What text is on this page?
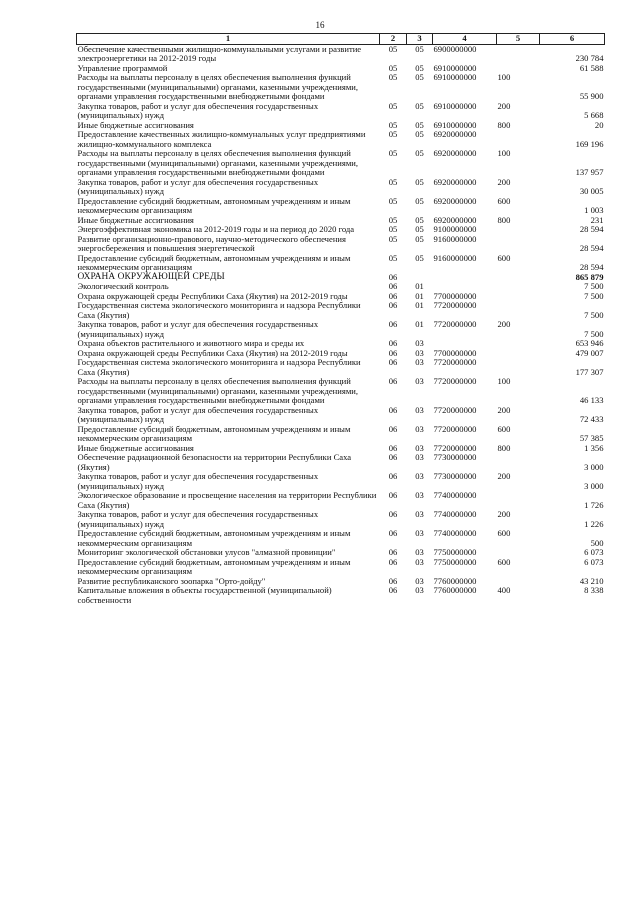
16
1	2	3	4	5	6
Обеспечение качественными жилищно-коммунальными услугами и развитие электроэнергетики на 2012-2019 годы	05	05	6900000000		230 784
Управление программой	05	05	6910000000		61 588
Расходы на выплаты персоналу в целях обеспечения выполнения функций государственными (муниципальными) органами, казенными учреждениями, органами управления государственными внебюджетными фондами	05	05	6910000000	100	55 900
Закупка товаров, работ и услуг для обеспечения государственных (муниципальных) нужд	05	05	6910000000	200	5 668
Иные бюджетные ассигнования	05	05	6910000000	800	20
Предоставление качественных жилищно-коммунальных услуг предприятиями жилищно-коммунального комплекса	05	05	6920000000		169 196
Расходы на выплаты персоналу в целях обеспечения выполнения функций государственными (муниципальными) органами, казенными учреждениями, органами управления государственными внебюджетными фондами	05	05	6920000000	100	137 957
Закупка товаров, работ и услуг для обеспечения государственных (муниципальных) нужд	05	05	6920000000	200	30 005
Предоставление субсидий бюджетным, автономным учреждениям и иным некоммерческим организациям	05	05	6920000000	600	1 003
Иные бюджетные ассигнования	05	05	6920000000	800	231
Энергоэффективная экономика на 2012-2019 годы и на период до 2020 года	05	05	9100000000		28 594
Развитие организационно-правового, научно-методического обеспечения энергосбережения и повышения энергетической	05	05	9160000000		28 594
Предоставление субсидий бюджетным, автономным учреждениям и иным некоммерческим организациям	05	05	9160000000	600	28 594
ОХРАНА ОКРУЖАЮЩЕЙ СРЕДЫ	06				865 879
Экологический контроль	06	01			7 500
Охрана окружающей среды Республики Саха (Якутия) на 2012-2019 годы	06	01	7700000000		7 500
Государственная система экологического мониторинга и надзора Республики Саха (Якутия)	06	01	7720000000		7 500
Закупка товаров, работ и услуг для обеспечения государственных (муниципальных) нужд	06	01	7720000000	200	7 500
Охрана объектов растительного и животного мира и среды их	06	03			653 946
Охрана окружающей среды Республики Саха (Якутия) на 2012-2019 годы	06	03	7700000000		479 007
Государственная система экологического мониторинга и надзора Республики Саха (Якутия)	06	03	7720000000		177 307
Расходы на выплаты персоналу в целях обеспечения выполнения функций государственными (муниципальными) органами, казенными учреждениями, органами управления государственными внебюджетными фондами	06	03	7720000000	100	46 133
Закупка товаров, работ и услуг для обеспечения государственных (муниципальных) нужд	06	03	7720000000	200	72 433
Предоставление субсидий бюджетным, автономным учреждениям и иным некоммерческим организациям	06	03	7720000000	600	57 385
Иные бюджетные ассигнования	06	03	7720000000	800	1 356
Обеспечение радиационной безопасности на территории Республики Саха (Якутия)	06	03	7730000000		3 000
Закупка товаров, работ и услуг для обеспечения государственных (муниципальных) нужд	06	03	7730000000	200	3 000
Экологическое образование и просвещение населения на территории Республики Саха (Якутия)	06	03	7740000000		1 726
Закупка товаров, работ и услуг для обеспечения государственных (муниципальных) нужд	06	03	7740000000	200	1 226
Предоставление субсидий бюджетным, автономным учреждениям и иным некоммерческим организациям	06	03	7740000000	600	500
Мониторинг экологической обстановки улусов "алмазной провинции"	06	03	7750000000		6 073
Предоставление субсидий бюджетным, автономным учреждениям и иным некоммерческим организациям	06	03	7750000000	600	6 073
Развитие республиканского зоопарка "Орто-дойду"	06	03	7760000000		43 210
Капитальные вложения в объекты государственной (муниципальной) собственности	06	03	7760000000	400	8 338
